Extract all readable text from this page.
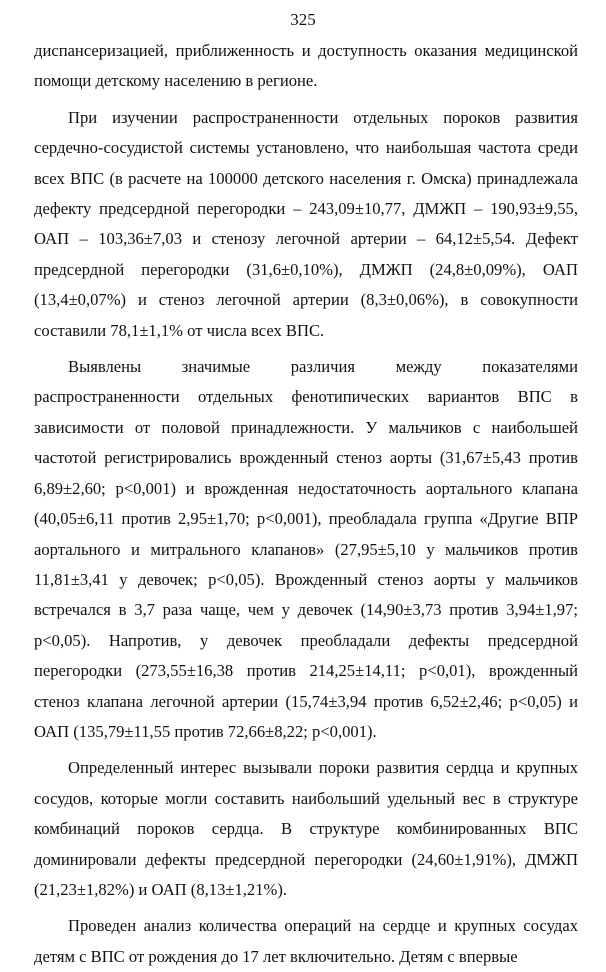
325

диспансеризацией, приближенность и доступность оказания медицинской помощи детскому населению в регионе.

При изучении распространенности отдельных пороков развития сердечно-сосудистой системы установлено, что наибольшая частота среди всех ВПС (в расчете на 100000 детского населения г. Омска) принадлежала дефекту предсердной перегородки – 243,09±10,77, ДМЖП – 190,93±9,55, ОАП – 103,36±7,03 и стенозу легочной артерии – 64,12±5,54. Дефект предсердной перегородки (31,6±0,10%), ДМЖП (24,8±0,09%), ОАП (13,4±0,07%) и стеноз легочной артерии (8,3±0,06%), в совокупности составили 78,1±1,1% от числа всех ВПС.

Выявлены значимые различия между показателями распространенности отдельных фенотипических вариантов ВПС в зависимости от половой принадлежности. У мальчиков с наибольшей частотой регистрировались врожденный стеноз аорты (31,67±5,43 против 6,89±2,60; p<0,001) и врожденная недостаточность аортального клапана (40,05±6,11 против 2,95±1,70; p<0,001), преобладала группа «Другие ВПР аортального и митрального клапанов» (27,95±5,10 у мальчиков против 11,81±3,41 у девочек; p<0,05). Врожденный стеноз аорты у мальчиков встречался в 3,7 раза чаще, чем у девочек (14,90±3,73 против 3,94±1,97; p<0,05). Напротив, у девочек преобладали дефекты предсердной перегородки (273,55±16,38 против 214,25±14,11; p<0,01), врожденный стеноз клапана легочной артерии (15,74±3,94 против 6,52±2,46; p<0,05) и ОАП (135,79±11,55 против 72,66±8,22; p<0,001).

Определенный интерес вызывали пороки развития сердца и крупных сосудов, которые могли составить наибольший удельный вес в структуре комбинаций пороков сердца. В структуре комбинированных ВПС доминировали дефекты предсердной перегородки (24,60±1,91%), ДМЖП (21,23±1,82%) и ОАП (8,13±1,21%).

Проведен анализ количества операций на сердце и крупных сосудах детям с ВПС от рождения до 17 лет включительно. Детям с впервые
